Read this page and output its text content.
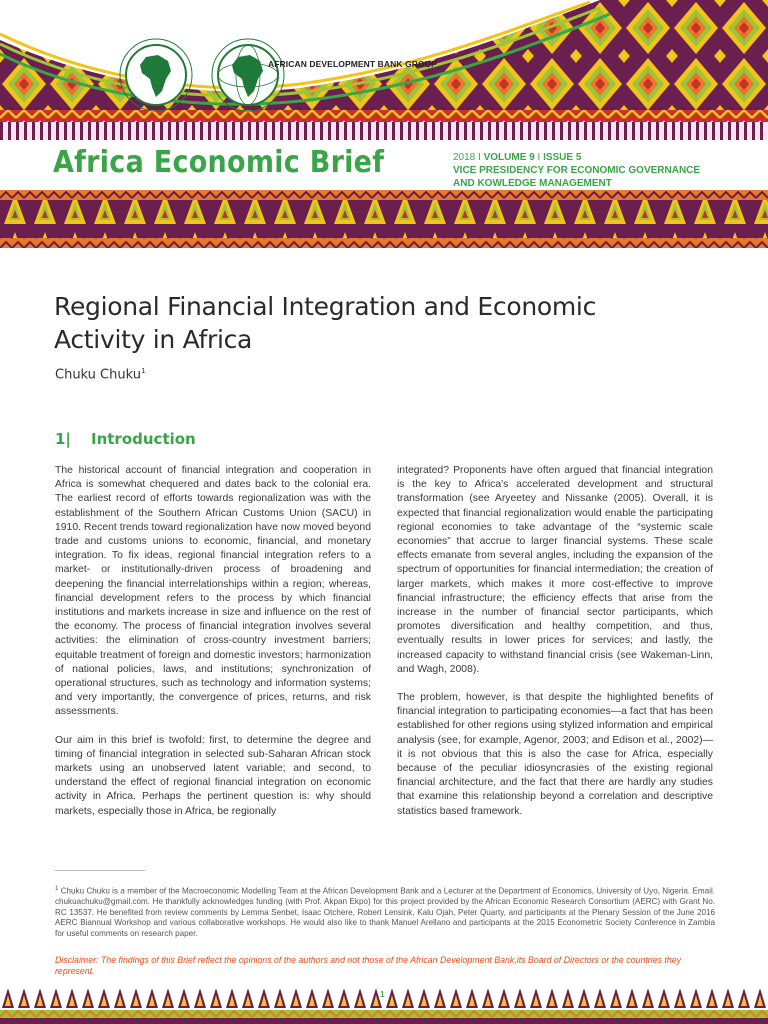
AFRICAN DEVELOPMENT BANK GROUP
Africa Economic Brief	2018 I VOLUME 9 I ISSUE 5
VICE PRESIDENCY FOR ECONOMIC GOVERNANCE
AND KOWLEDGE MANAGEMENT
Regional Financial Integration and Economic Activity in Africa
Chuku Chuku$^1$
1| Introduction

The historical account of financial integration and cooperation in Africa is somewhat chequered and dates back to the colonial era. The earliest record of efforts towards regionalization was with the establishment of the Southern African Customs Union (SACU) in 1910. Recent trends toward regionalization have now moved beyond trade and customs unions to economic, financial, and monetary integration. To fix ideas, regional financial integration refers to a market- or institutionally-driven process of broadening and deepening the financial interrelationships within a region; whereas, financial development refers to the process by which financial institutions and markets increase in size and influence on the rest of the economy. The process of financial integration involves several activities: the elimination of cross-country investment barriers; equitable treatment of foreign and domestic investors; harmonization of national policies, laws, and institutions; synchronization of operational structures, such as technology and information systems; and very importantly, the convergence of prices, returns, and risk assessments.

Our aim in this brief is twofold: first, to determine the degree and timing of financial integration in selected sub-Saharan African stock markets using an unobserved latent variable; and second, to understand the effect of regional financial integration on economic activity in Africa. Perhaps the pertinent question is: why should markets, especially those in Africa, be regionally

integrated? Proponents have often argued that financial integration is the key to Africa's accelerated development and structural transformation (see Aryeetey and Nissanke (2005). Overall, it is expected that financial regionalization would enable the participating regional economies to take advantage of the “systemic scale economies” that accrue to larger financial systems. These scale effects emanate from several angles, including the expansion of the spectrum of opportunities for financial intermediation; the creation of larger markets, which makes it more cost-effective to improve financial infrastructure; the efficiency effects that arise from the increase in the number of financial sector participants, which promotes diversification and healthy competition, and thus, eventually results in lower prices for services; and lastly, the increased capacity to withstand financial crisis (see Wakeman-Linn, and Wagh, 2008).

The problem, however, is that despite the highlighted benefits of financial integration to participating economies—a fact that has been established for other regions using stylized information and empirical analysis (see, for example, Agenor, 2003; and Edison et al., 2002)—it is not obvious that this is also the case for Africa, especially because of the peculiar idiosyncrasies of the existing regional financial architecture, and the fact that there are hardly any studies that examine this relationship beyond a correlation and descriptive statistics based framework.

$^1$ Chuku Chuku is a member of the Macroeconomic Modelling Team at the African Development Bank and a Lecturer at the Department of Economics, University of Uyo, Nigeria. Email. chukuachuku@gmail.com. He thankfully acknowledges funding (with Prof. Akpan Ekpo) for this project provided by the African Economic Research Consortium (AERC) with Grant No. RC 13537. He benefited from review comments by Lemma Senbet, Isaac Otchere, Robert Lensink, Kalu Ojah, Peter Quarty, and participants at the Plenary Session of the June 2016 AERC Biannual Workshop and various collaborative workshops. He would also like to thank Manuel Arellano and participants at the 2015 Econometric Society Conference in Zambia for useful comments on research paper.
Disclaimer: The findings of this Brief reflect the opinions of the authors and not those of the African Development Bank,its Board of Directors or the countries they represent.
1
